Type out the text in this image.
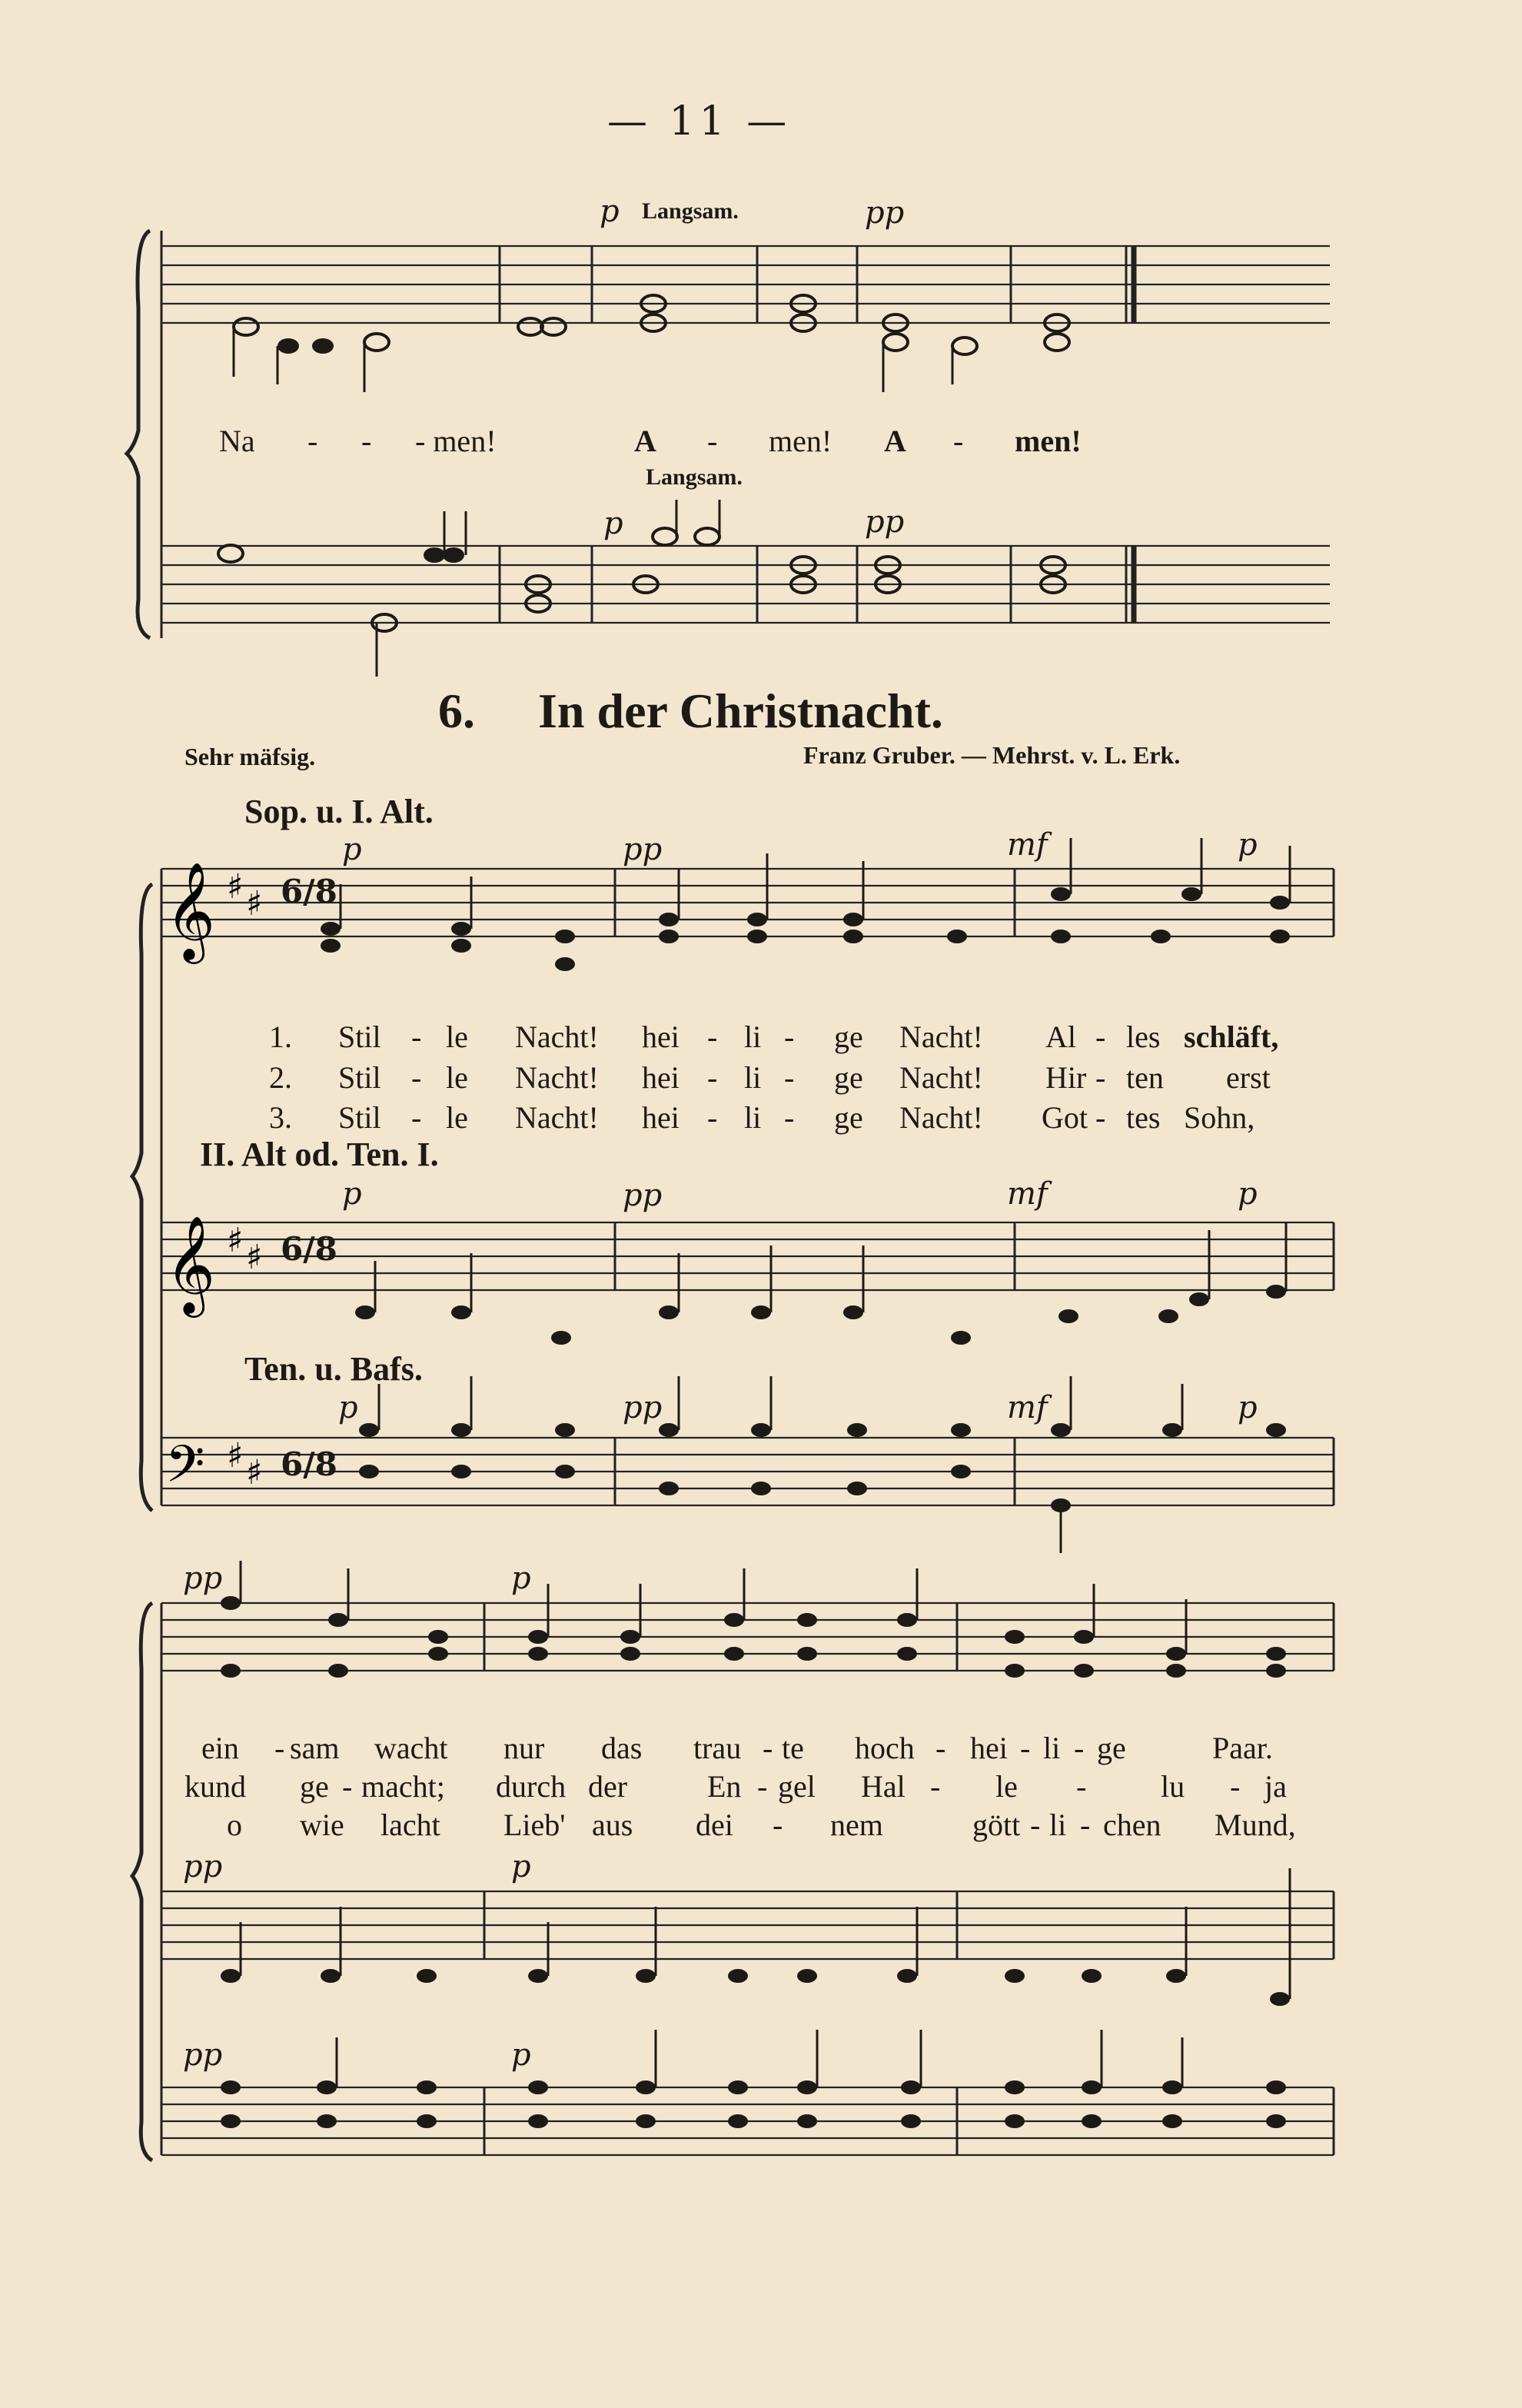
— 11 —
𝄞
𝄞
𝄢
♯ ♯
♯ ♯
♯ ♯
6/8
6/8
6/8
p Langsam.	pp
Na - - - men!	A - men! A - men!
Langsam.
p	pp
6. In der Christnacht.
Sehr mäfsig.	Franz Gruber. — Mehrst. v. L. Erk.
Sop. u. I. Alt.
p	pp	mf	p
1. Stil - le Nacht! hei - li - ge Nacht! Al - les schläft,
2. Stil - le Nacht! hei - li - ge Nacht! Hir - ten erst
3. Stil - le Nacht! hei - li - ge Nacht! Got - tes Sohn,
II. Alt od. Ten. I.
p	pp	mf	p
Ten. u. Bafs.
p	pp	mf	p
pp	p
ein - sam wacht nur das trau - te hoch - hei - li - ge	Paar.
kund ge - macht; durch der	En - gel Hal - le - lu - ja
o wie lacht Lieb' aus dei - nem	gött - li - chen Mund,
pp	p
pp	p
